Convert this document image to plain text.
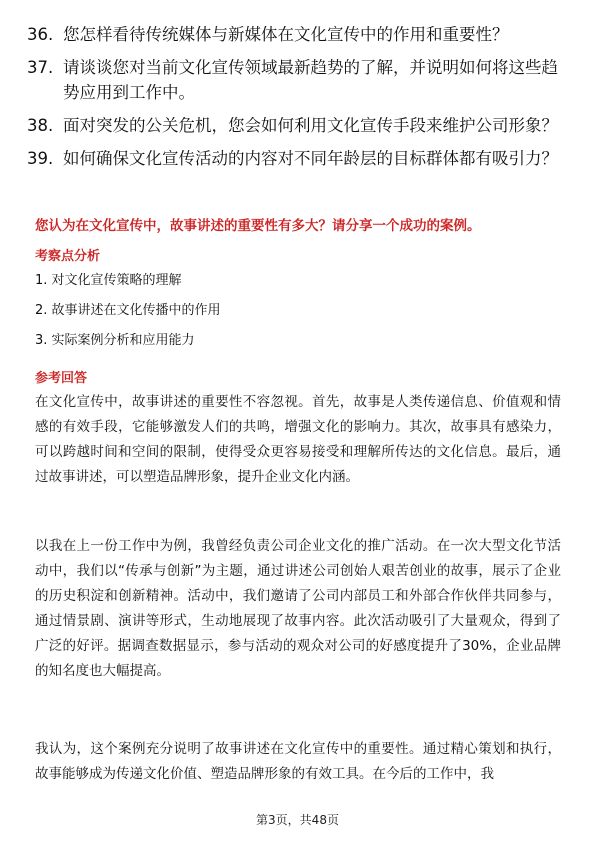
36. 您怎样看待传统媒体与新媒体在文化宣传中的作用和重要性？
37. 请谈谈您对当前文化宣传领域最新趋势的了解，并说明如何将这些趋势应用到工作中。
38. 面对突发的公关危机，您会如何利用文化宣传手段来维护公司形象？
39. 如何确保文化宣传活动的内容对不同年龄层的目标群体都有吸引力？
您认为在文化宣传中，故事讲述的重要性有多大？请分享一个成功的案例。
考察点分析
1. 对文化宣传策略的理解
2. 故事讲述在文化传播中的作用
3. 实际案例分析和应用能力
参考回答
在文化宣传中，故事讲述的重要性不容忽视。首先，故事是人类传递信息、价值观和情感的有效手段，它能够激发人们的共鸣，增强文化的影响力。其次，故事具有感染力，可以跨越时间和空间的限制，使得受众更容易接受和理解所传达的文化信息。最后，通过故事讲述，可以塑造品牌形象，提升企业文化内涵。
以我在上一份工作中为例，我曾经负责公司企业文化的推广活动。在一次大型文化节活动中，我们以“传承与创新”为主题，通过讲述公司创始人艰苦创业的故事，展示了企业的历史积淀和创新精神。活动中，我们邀请了公司内部员工和外部合作伙伴共同参与，通过情景剧、演讲等形式，生动地展现了故事内容。此次活动吸引了大量观众，得到了广泛的好评。据调查数据显示，参与活动的观众对公司的好感度提升了30%，企业品牌的知名度也大幅提高。
我认为，这个案例充分说明了故事讲述在文化宣传中的重要性。通过精心策划和执行，故事能够成为传递文化价值、塑造品牌形象的有效工具。在今后的工作中，我
第3页，共48页
